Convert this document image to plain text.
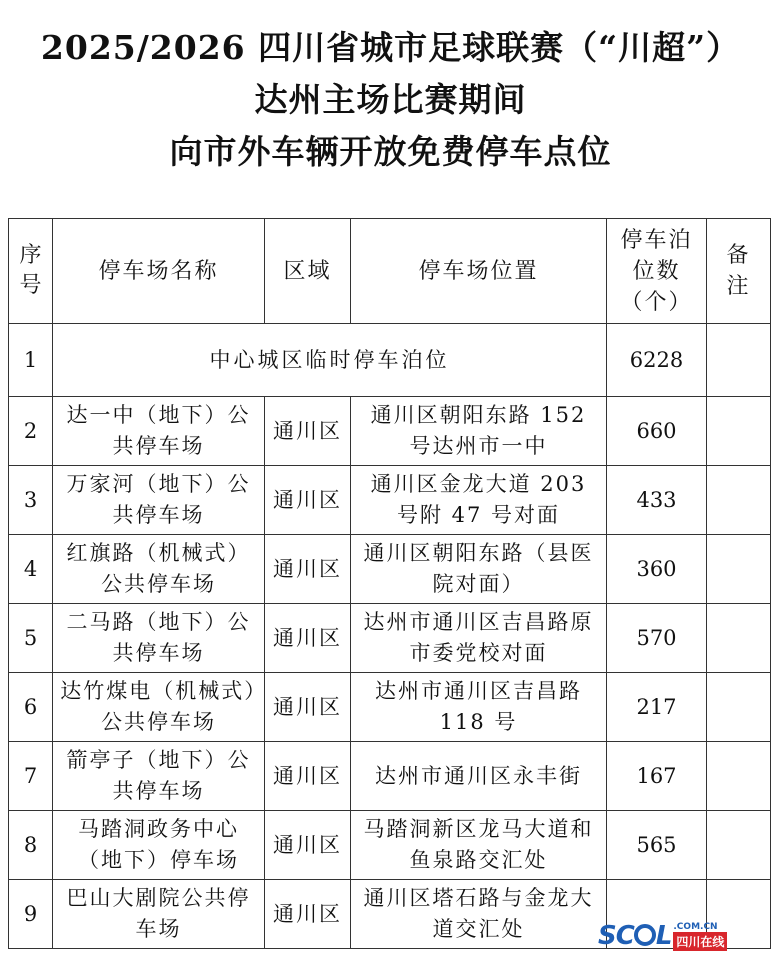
2025/2026 四川省城市足球联赛（“川超”）
达州主场比赛期间
向市外车辆开放免费停车点位
序号	停车场名称	区域	停车场位置	停车泊位数（个）	备注
1	中心城区临时停车泊位			6228	
2	达一中（地下）公共停车场	通川区	通川区朝阳东路 152 号达州市一中	660	
3	万家河（地下）公共停车场	通川区	通川区金龙大道 203 号附 47 号对面	433	
4	红旗路（机械式）公共停车场	通川区	通川区朝阳东路（县医院对面）	360	
5	二马路（地下）公共停车场	通川区	达州市通川区吉昌路原市委党校对面	570	
6	达竹煤电（机械式）公共停车场	通川区	达州市通川区吉昌路 118 号	217	
7	箭亭子（地下）公共停车场	通川区	达州市通川区永丰街	167	
8	马踏洞政务中心（地下）停车场	通川区	马踏洞新区龙马大道和鱼泉路交汇处	565	
9	巴山大剧院公共停车场	通川区	通川区塔石路与金龙大道交汇处			SC L .COM.CN
四川在线
